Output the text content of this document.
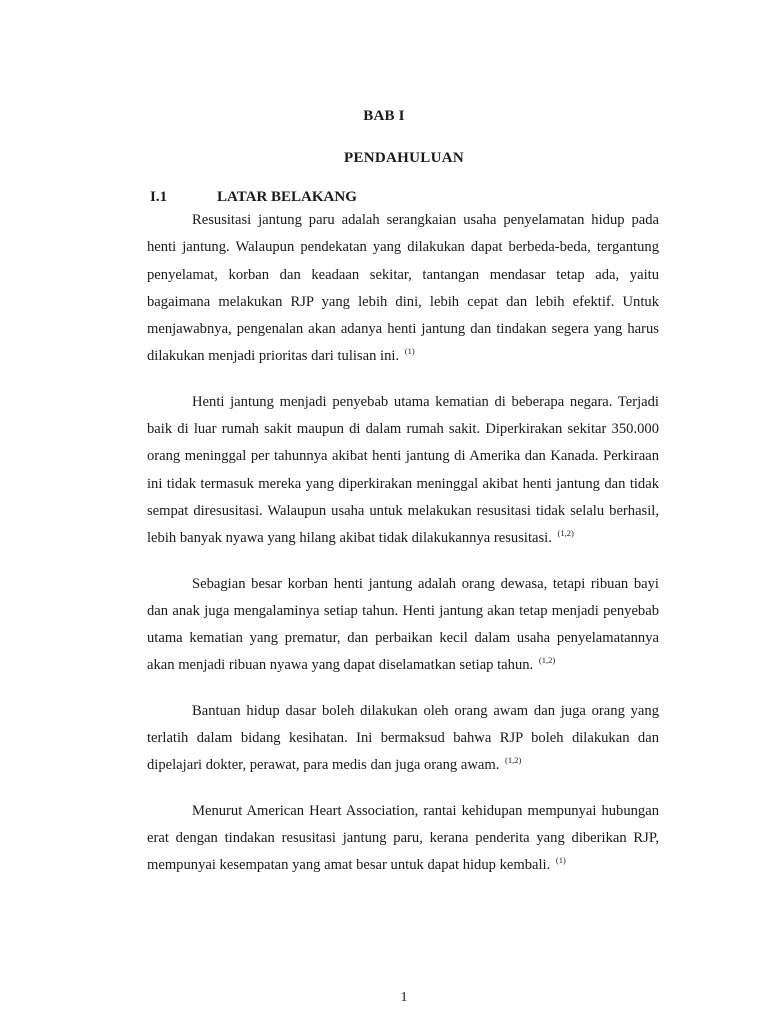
BAB I
PENDAHULUAN
I.1	LATAR BELAKANG

Resusitasi jantung paru adalah serangkaian usaha penyelamatan hidup pada henti jantung. Walaupun pendekatan yang dilakukan dapat berbeda-beda, tergantung penyelamat, korban dan keadaan sekitar, tantangan mendasar tetap ada, yaitu bagaimana melakukan RJP yang lebih dini, lebih cepat dan lebih efektif. Untuk menjawabnya, pengenalan akan adanya henti jantung dan tindakan segera yang harus dilakukan menjadi prioritas dari tulisan ini. $^{(1)}$

Henti jantung menjadi penyebab utama kematian di beberapa negara. Terjadi baik di luar rumah sakit maupun di dalam rumah sakit. Diperkirakan sekitar 350.000 orang meninggal per tahunnya akibat henti jantung di Amerika dan Kanada. Perkiraan ini tidak termasuk mereka yang diperkirakan meninggal akibat henti jantung dan tidak sempat diresusitasi. Walaupun usaha untuk melakukan resusitasi tidak selalu berhasil, lebih banyak nyawa yang hilang akibat tidak dilakukannya resusitasi. $^{(1,2)}$

Sebagian besar korban henti jantung adalah orang dewasa, tetapi ribuan bayi dan anak juga mengalaminya setiap tahun. Henti jantung akan tetap menjadi penyebab utama kematian yang prematur, dan perbaikan kecil dalam usaha penyelamatannya akan menjadi ribuan nyawa yang dapat diselamatkan setiap tahun. $^{(1,2)}$

Bantuan hidup dasar boleh dilakukan oleh orang awam dan juga orang yang terlatih dalam bidang kesihatan. Ini bermaksud bahwa RJP boleh dilakukan dan dipelajari dokter, perawat, para medis dan juga orang awam. $^{(1,2)}$

Menurut American Heart Association, rantai kehidupan mempunyai hubungan erat dengan tindakan resusitasi jantung paru, kerana penderita yang diberikan RJP, mempunyai kesempatan yang amat besar untuk dapat hidup kembali. $^{(1)}$

1
